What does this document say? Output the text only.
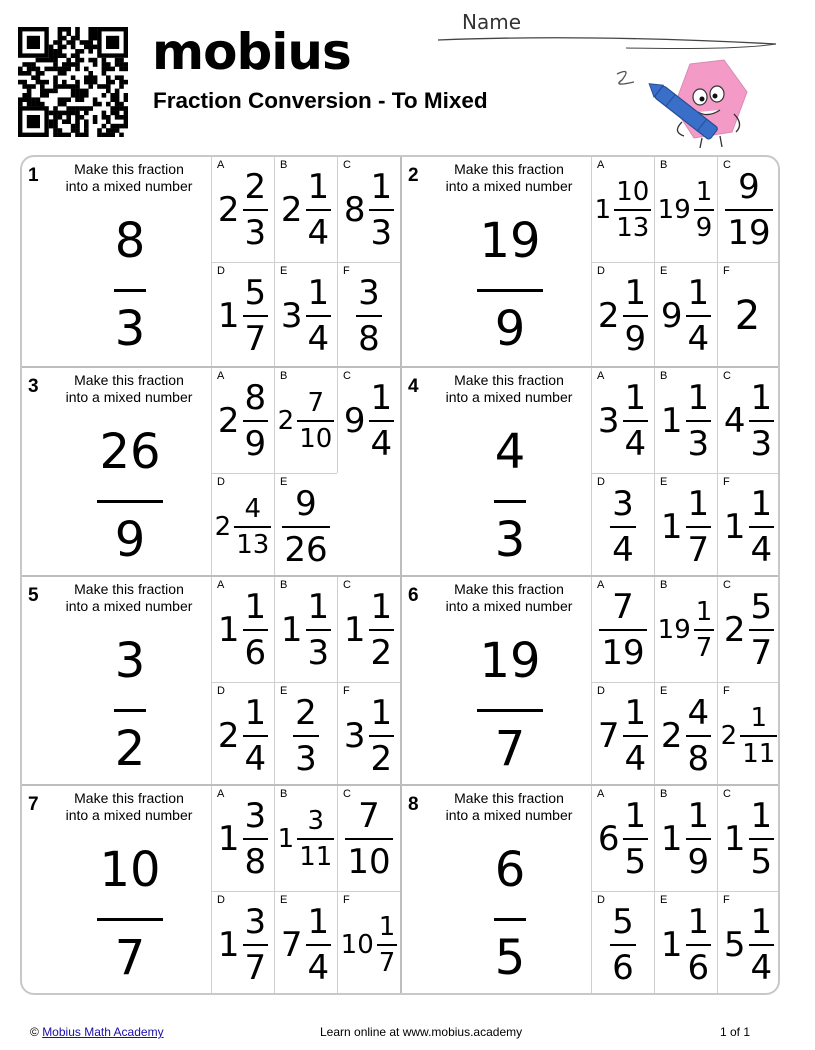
mobius
Name
Fraction Conversion - To Mixed
1	Make this fraction into a mixed number
8
3
A
$2 \frac{2}{3}$
B
$2 \frac{1}{4}$
C
$8 \frac{1}{3}$
D
$1 \frac{5}{7}$
E
$3 \frac{1}{4}$
F
$\frac{3}{8}$
2	Make this fraction into a mixed number
19
9
A
$1 \frac{10}{13}$
B
$19 \frac{1}{9}$
C
$\frac{9}{19}$
D
$2 \frac{1}{9}$
E
$9 \frac{1}{4}$
F
2
3	Make this fraction into a mixed number
26
9
A
$2 \frac{8}{9}$
B
$2 \frac{7}{10}$
C
$9 \frac{1}{4}$
D
$2 \frac{4}{13}$
E
$\frac{9}{26}$
4	Make this fraction into a mixed number
4
3
A
$3 \frac{1}{4}$
B
$1 \frac{1}{3}$
C
$4 \frac{1}{3}$
D
$\frac{3}{4}$
E
$1 \frac{1}{7}$
F
$1 \frac{1}{4}$
5	Make this fraction into a mixed number
3
2
A
$1 \frac{1}{6}$
B
$1 \frac{1}{3}$
C
$1 \frac{1}{2}$
D
$2 \frac{1}{4}$
E
$\frac{2}{3}$
F
$3 \frac{1}{2}$
6	Make this fraction into a mixed number
19
7
A
$\frac{7}{19}$
B
$19 \frac{1}{7}$
C
$2 \frac{5}{7}$
D
$7 \frac{1}{4}$
E
$2 \frac{4}{8}$
F
$2 \frac{1}{11}$
7	Make this fraction into a mixed number
10
7
A
$1 \frac{3}{8}$
B
$1 \frac{3}{11}$
C
$\frac{7}{10}$
D
$1 \frac{3}{7}$
E
$7 \frac{1}{4}$
F
$10 \frac{1}{7}$
8	Make this fraction into a mixed number
6
5
A
$6 \frac{1}{5}$
B
$1 \frac{1}{9}$
C
$1 \frac{1}{5}$
D
$\frac{5}{6}$
E
$1 \frac{1}{6}$
F
$5 \frac{1}{4}$
© Mobius Math Academy	Learn online at www.mobius.academy	1 of 1
